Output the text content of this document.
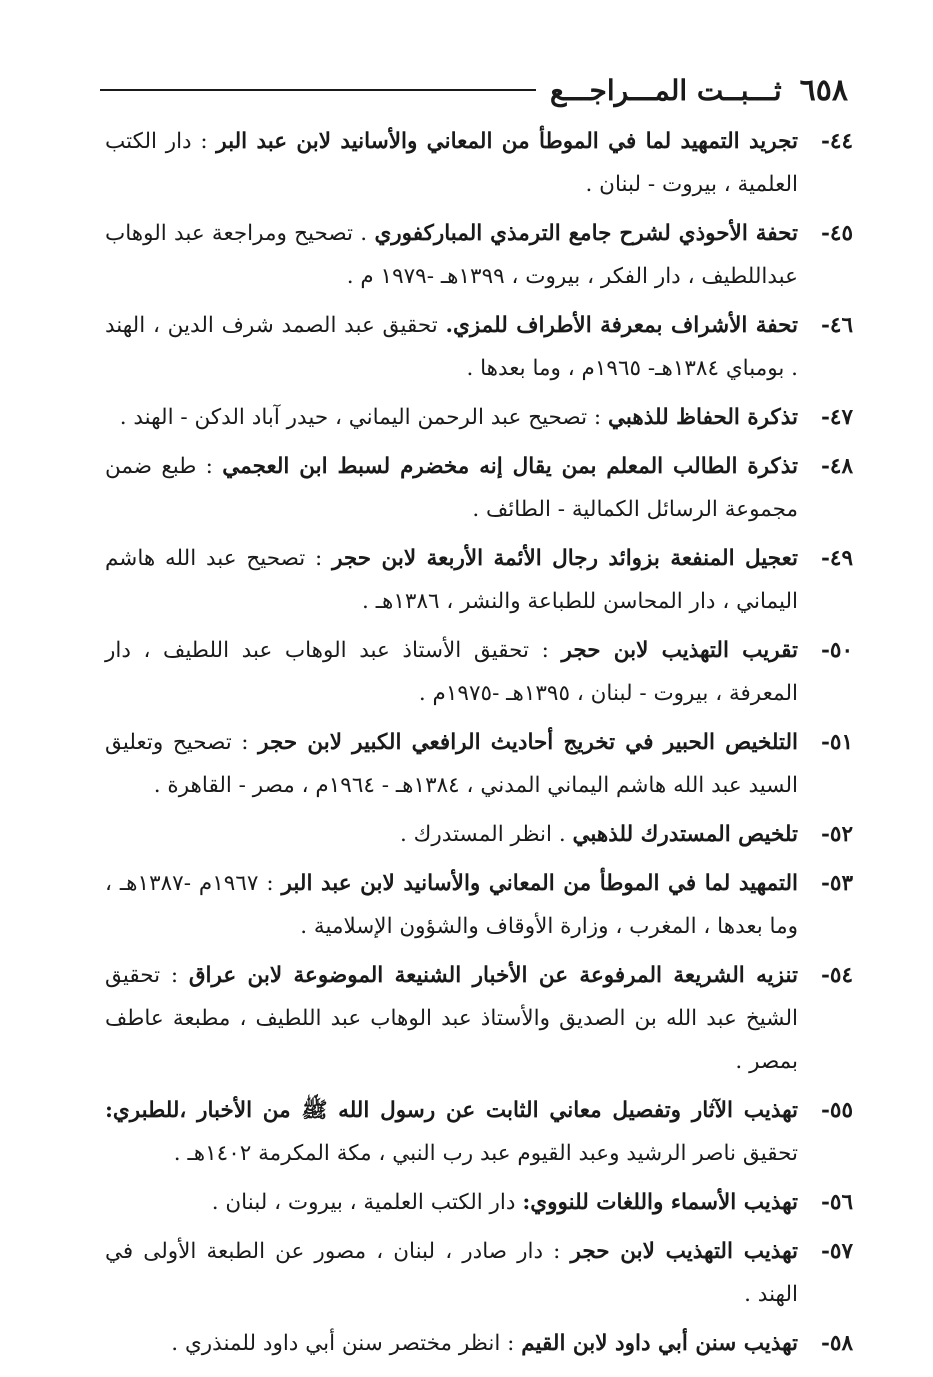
٦٥٨
ثـــبــت المـــراجـــع
٤٤-
تجريد التمهيد لما في الموطأ من المعاني والأسانيد لابن عبد البر : دار الكتب العلمية ، بيروت - لبنان .
٤٥-
تحفة الأحوذي لشرح جامع الترمذي المباركفوري . تصحيح ومراجعة عبد الوهاب عبداللطيف ، دار الفكر ، بيروت ، ١٣٩٩هـ -١٩٧٩ م .
٤٦-
تحفة الأشراف بمعرفة الأطراف للمزي. تحقيق عبد الصمد شرف الدين ، الهند . بومباي ١٣٨٤هـ- ١٩٦٥م ، وما بعدها .
٤٧-
تذكرة الحفاظ للذهبي : تصحيح عبد الرحمن اليماني ، حيدر آباد الدكن - الهند .
٤٨-
تذكرة الطالب المعلم بمن يقال إنه مخضرم لسبط ابن العجمي : طبع ضمن مجموعة الرسائل الكمالية - الطائف .
٤٩-
تعجيل المنفعة بزوائد رجال الأئمة الأربعة لابن حجر : تصحيح عبد الله هاشم اليماني ، دار المحاسن للطباعة والنشر ، ١٣٨٦هـ .
٥٠-
تقريب التهذيب لابن حجر : تحقيق الأستاذ عبد الوهاب عبد اللطيف ، دار المعرفة ، بيروت - لبنان ، ١٣٩٥هـ -١٩٧٥م .
٥١-
التلخيص الحبير في تخريج أحاديث الرافعي الكبير لابن حجر : تصحيح وتعليق السيد عبد الله هاشم اليماني المدني ، ١٣٨٤هـ - ١٩٦٤م ، مصر - القاهرة .
٥٢-
تلخيص المستدرك للذهبي . انظر المستدرك .
٥٣-
التمهيد لما في الموطأ من المعاني والأسانيد لابن عبد البر : ١٩٦٧م -١٣٨٧هـ ، وما بعدها ، المغرب ، وزارة الأوقاف والشؤون الإسلامية .
٥٤-
تنزيه الشريعة المرفوعة عن الأخبار الشنيعة الموضوعة لابن عراق : تحقيق الشيخ عبد الله بن الصديق والأستاذ عبد الوهاب عبد اللطيف ، مطبعة عاطف بمصر .
٥٥-
تهذيب الآثار وتفصيل معاني الثابت عن رسول الله ﷺ من الأخبار ،للطبري: تحقيق ناصر الرشيد وعبد القيوم عبد رب النبي ، مكة المكرمة ١٤٠٢هـ .
٥٦-
تهذيب الأسماء واللغات للنووي: دار الكتب العلمية ، بيروت ، لبنان .
٥٧-
تهذيب التهذيب لابن حجر : دار صادر ، لبنان ، مصور عن الطبعة الأولى في الهند .
٥٨-
تهذيب سنن أبي داود لابن القيم : انظر مختصر سنن أبي داود للمنذري .
